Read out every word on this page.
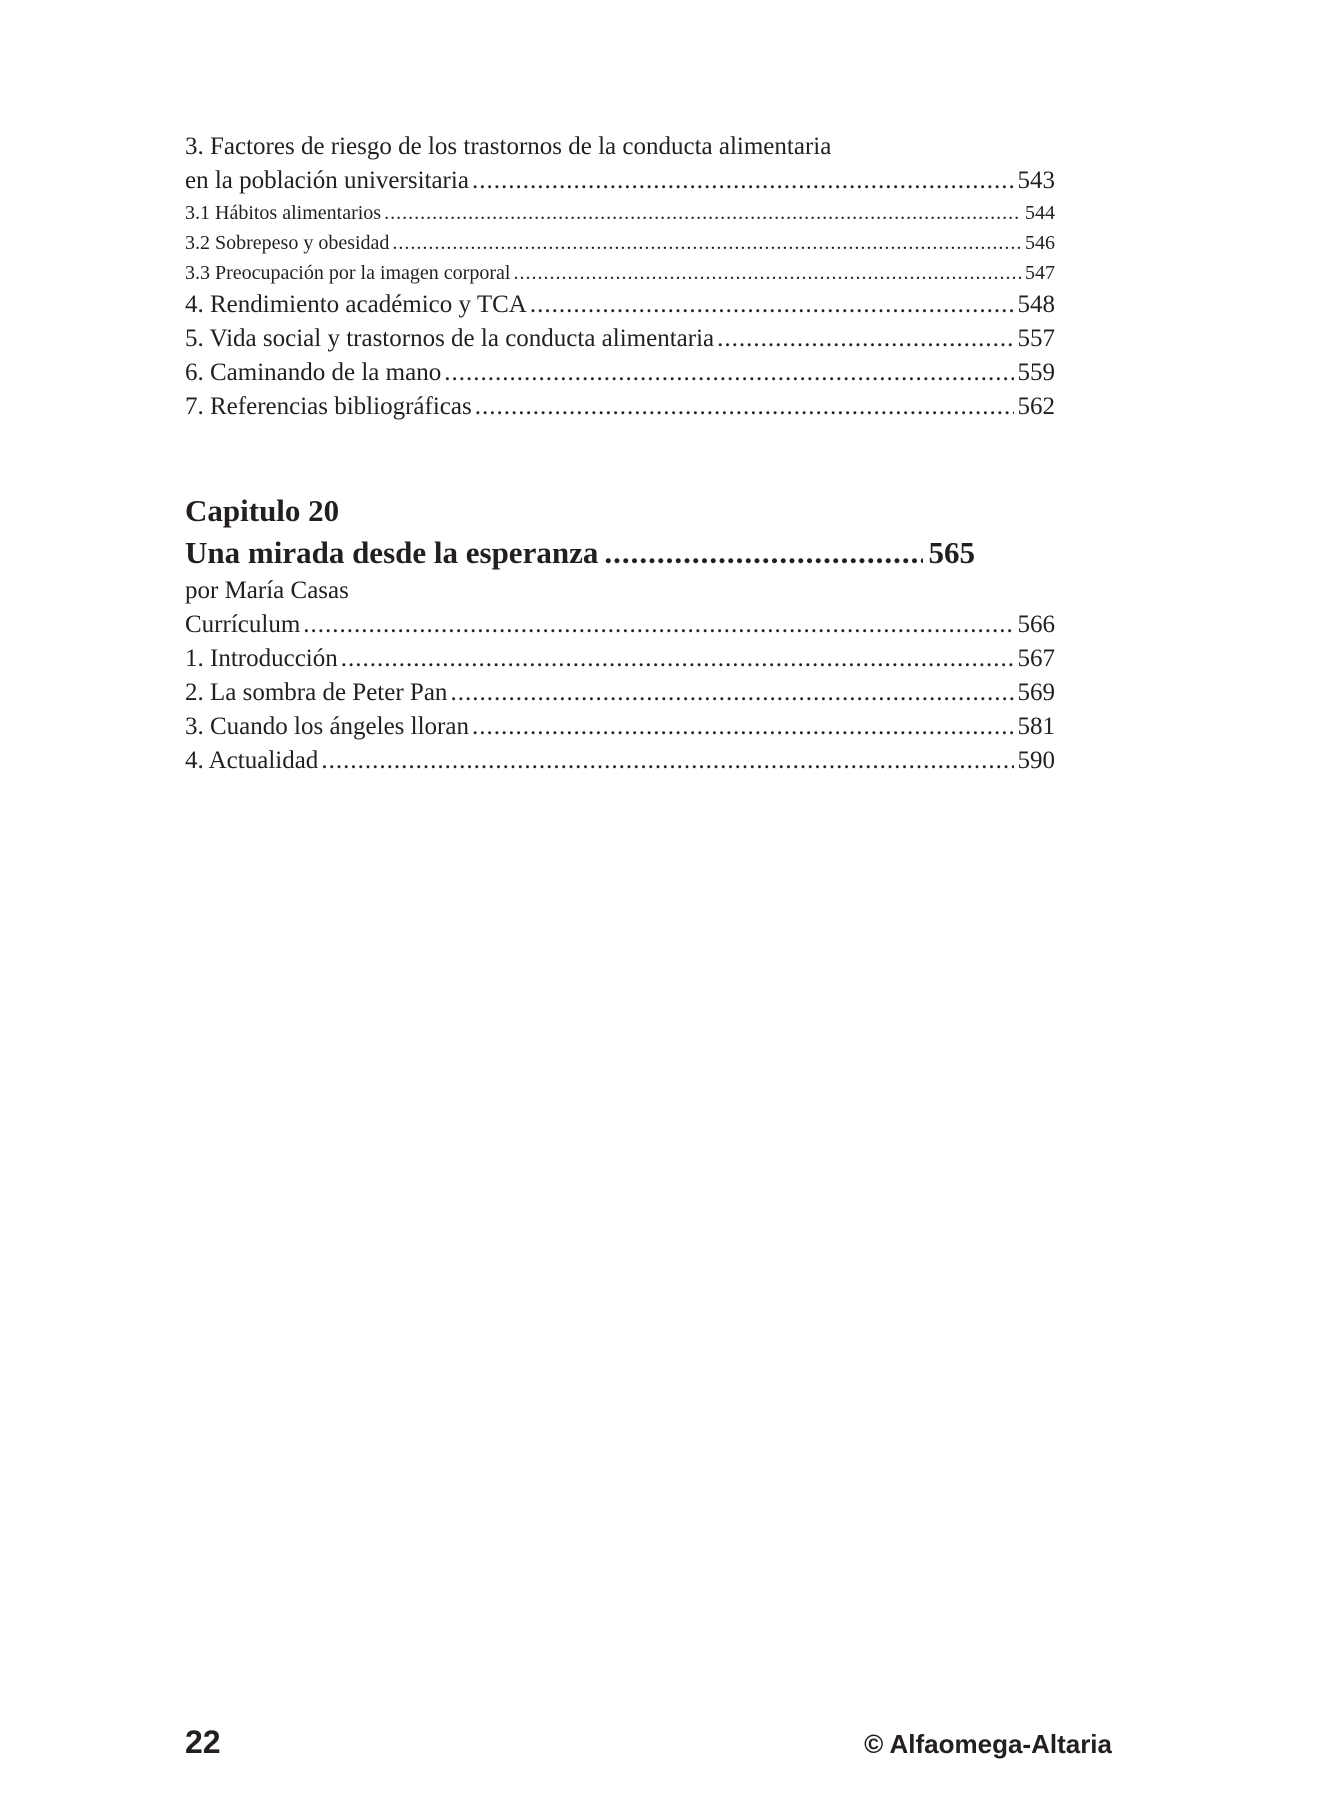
3. Factores de riesgo de los trastornos de la conducta alimentaria
en la población universitaria .....	543
3.1 Hábitos alimentarios .....	544
3.2 Sobrepeso y obesidad .....	546
3.3 Preocupación por la imagen corporal .....	547
4. Rendimiento académico y TCA .....	548
5. Vida social y trastornos de la conducta alimentaria .....	557
6. Caminando de la mano .....	559
7. Referencias bibliográficas .....	562
Capitulo 20
Una mirada desde la esperanza .....	565
por María Casas
Currículum .....	566
1. Introducción .....	567
2. La sombra de Peter Pan .....	569
3. Cuando los ángeles lloran .....	581
4. Actualidad .....	590
22	© Alfaomega-Altaria
